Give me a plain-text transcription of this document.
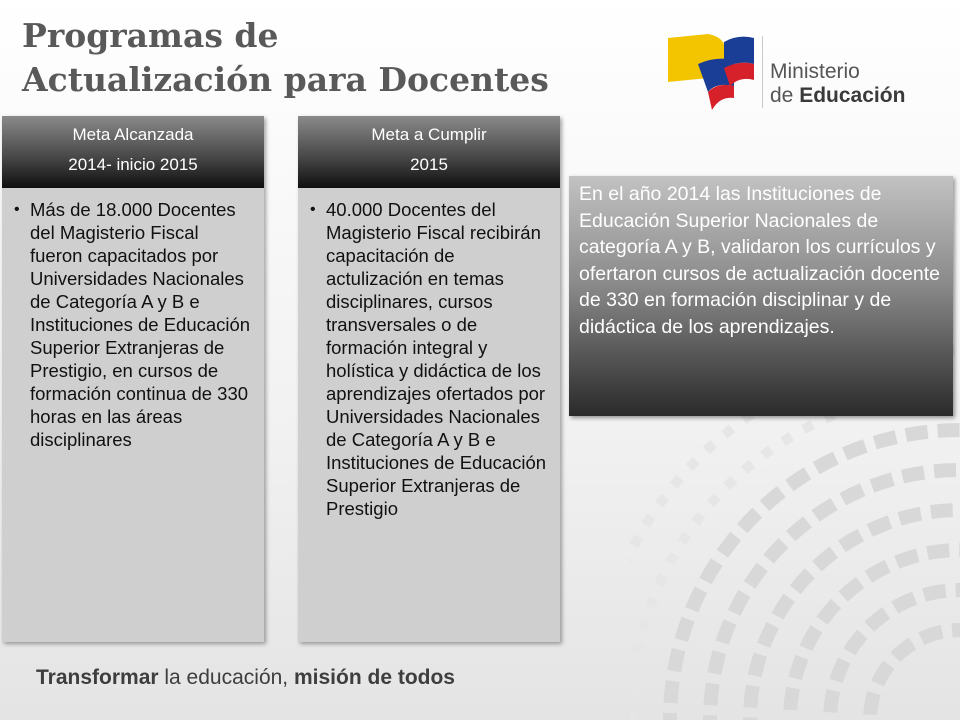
Programas de
Actualización para Docentes	Ministerio
de Educación
Meta Alcanzada
2014- inicio 2015
• Más de 18.000 Docentes del Magisterio Fiscal fueron capacitados por Universidades Nacionales de Categoría A y B e Instituciones de Educación Superior Extranjeras de Prestigio, en cursos de formación continua de 330 horas en las áreas disciplinares
Meta a Cumplir
2015
• 40.000 Docentes del Magisterio Fiscal recibirán capacitación de actulización en temas disciplinares, cursos transversales o de formación integral y holística y didáctica de los aprendizajes ofertados por Universidades Nacionales de Categoría A y B e Instituciones de Educación Superior Extranjeras de Prestigio
En el año 2014 las Instituciones de Educación Superior Nacionales de categoría A y B, validaron los currículos y ofertaron cursos de actualización docente de 330 en formación disciplinar y de didáctica de los aprendizajes.
Transformar la educación, misión de todos
